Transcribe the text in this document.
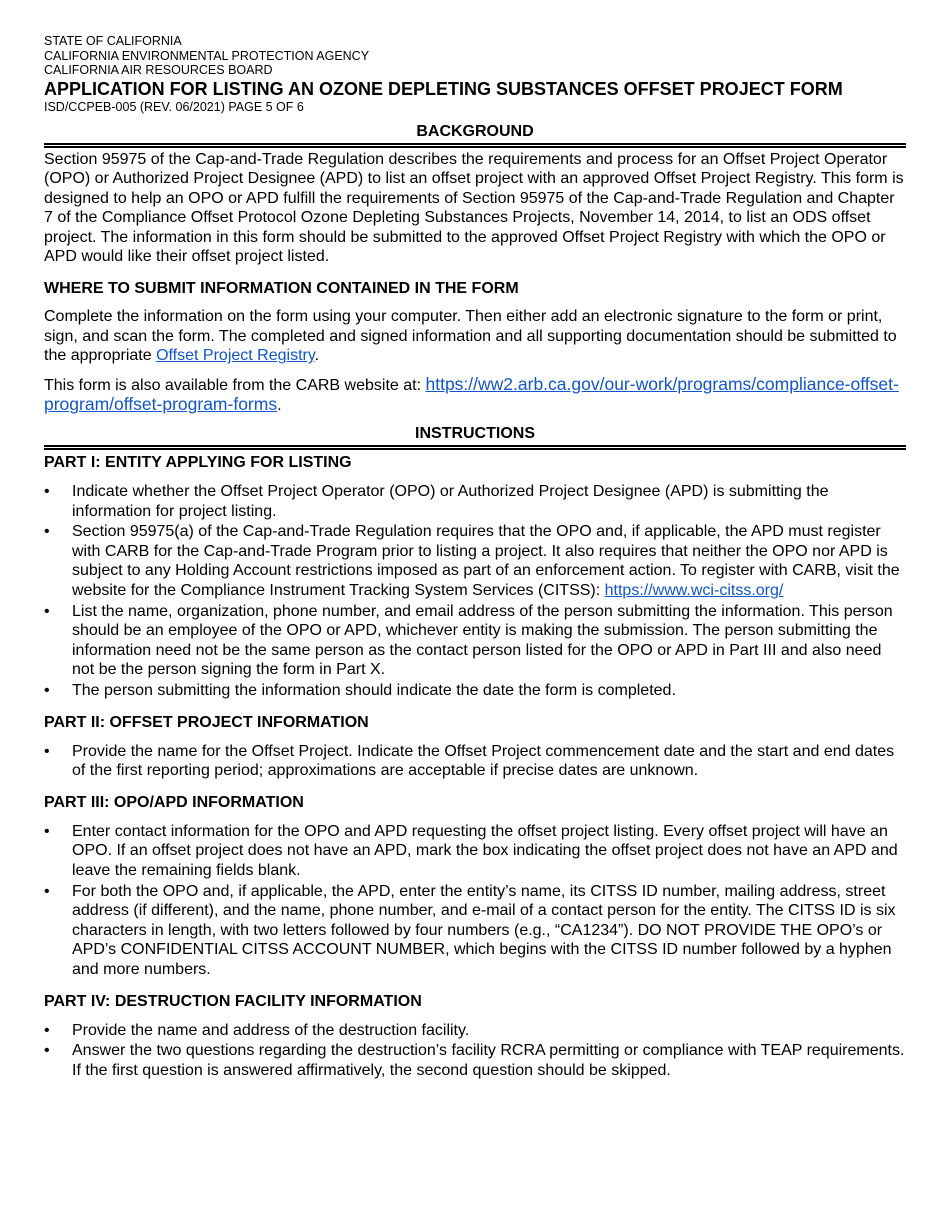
STATE OF CALIFORNIA

CALIFORNIA ENVIRONMENTAL PROTECTION AGENCY

CALIFORNIA AIR RESOURCES BOARD

APPLICATION FOR LISTING AN OZONE DEPLETING SUBSTANCES OFFSET PROJECT FORM

ISD/CCPEB-005 (REV. 06/2021) PAGE 5 OF 6

BACKGROUND

Section 95975 of the Cap-and-Trade Regulation describes the requirements and process for an Offset Project Operator (OPO) or Authorized Project Designee (APD) to list an offset project with an approved Offset Project Registry. This form is designed to help an OPO or APD fulfill the requirements of Section 95975 of the Cap-and-Trade Regulation and Chapter 7 of the Compliance Offset Protocol Ozone Depleting Substances Projects, November 14, 2014, to list an ODS offset project. The information in this form should be submitted to the approved Offset Project Registry with which the OPO or APD would like their offset project listed.

WHERE TO SUBMIT INFORMATION CONTAINED IN THE FORM

Complete the information on the form using your computer. Then either add an electronic signature to the form or print, sign, and scan the form. The completed and signed information and all supporting documentation should be submitted to the appropriate Offset Project Registry.

This form is also available from the CARB website at: https://ww2.arb.ca.gov/our-work/programs/compliance-offset-program/offset-program-forms.

INSTRUCTIONS

PART I: ENTITY APPLYING FOR LISTING

•	Indicate whether the Offset Project Operator (OPO) or Authorized Project Designee (APD) is submitting the information for project listing.
•	Section 95975(a) of the Cap-and-Trade Regulation requires that the OPO and, if applicable, the APD must register with CARB for the Cap-and-Trade Program prior to listing a project. It also requires that neither the OPO nor APD is subject to any Holding Account restrictions imposed as part of an enforcement action. To register with CARB, visit the website for the Compliance Instrument Tracking System Services (CITSS): https://www.wci-citss.org/
•	List the name, organization, phone number, and email address of the person submitting the information. This person should be an employee of the OPO or APD, whichever entity is making the submission. The person submitting the information need not be the same person as the contact person listed for the OPO or APD in Part III and also need not be the person signing the form in Part X.
•	The person submitting the information should indicate the date the form is completed.

PART II: OFFSET PROJECT INFORMATION

•	Provide the name for the Offset Project. Indicate the Offset Project commencement date and the start and end dates of the first reporting period; approximations are acceptable if precise dates are unknown.

PART III: OPO/APD INFORMATION

•	Enter contact information for the OPO and APD requesting the offset project listing. Every offset project will have an OPO. If an offset project does not have an APD, mark the box indicating the offset project does not have an APD and leave the remaining fields blank.
•	For both the OPO and, if applicable, the APD, enter the entity’s name, its CITSS ID number, mailing address, street address (if different), and the name, phone number, and e-mail of a contact person for the entity. The CITSS ID is six characters in length, with two letters followed by four numbers (e.g., “CA1234”). DO NOT PROVIDE THE OPO’s or APD’s CONFIDENTIAL CITSS ACCOUNT NUMBER, which begins with the CITSS ID number followed by a hyphen and more numbers.

PART IV: DESTRUCTION FACILITY INFORMATION

•	Provide the name and address of the destruction facility.
•	Answer the two questions regarding the destruction’s facility RCRA permitting or compliance with TEAP requirements. If the first question is answered affirmatively, the second question should be skipped.
